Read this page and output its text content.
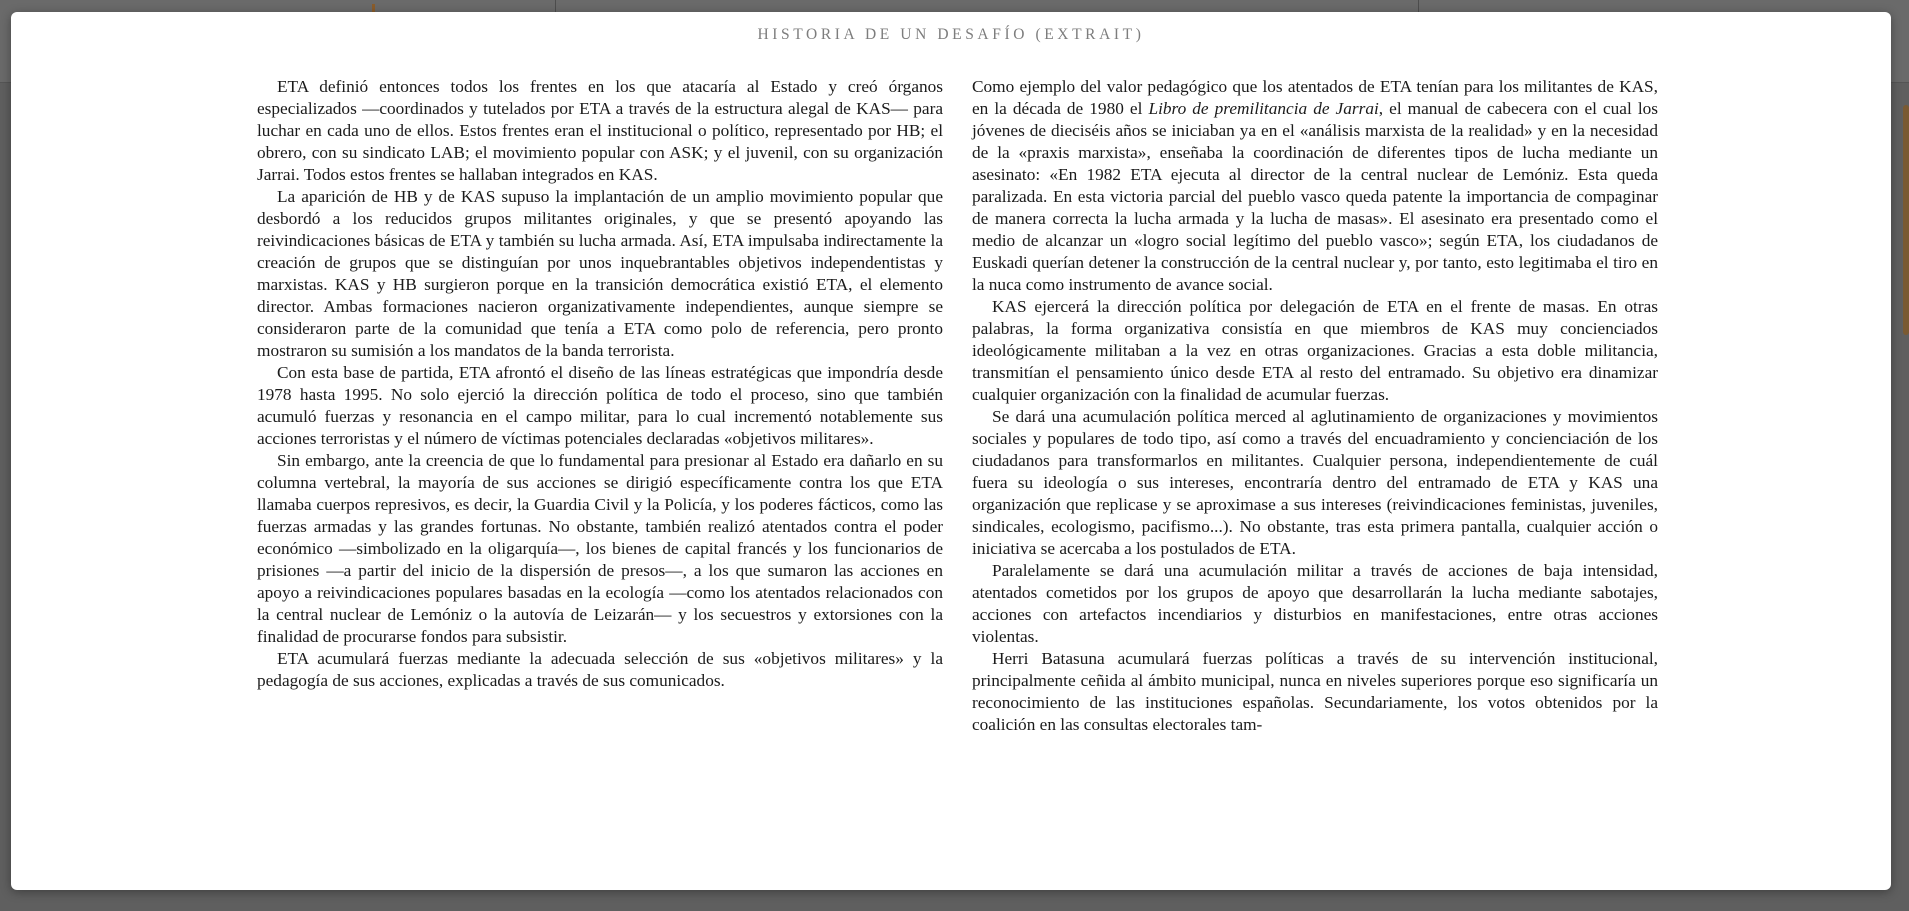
HISTORIA DE UN DESAFÍO (EXTRAIT)

ETA definió entonces todos los frentes en los que atacaría al Estado y creó órganos especializados —coordinados y tutelados por ETA a través de la estructura alegal de KAS— para luchar en cada uno de ellos. Estos frentes eran el institucional o político, representado por HB; el obrero, con su sindicato LAB; el movimiento popular con ASK; y el juvenil, con su organización Jarrai. Todos estos frentes se hallaban integrados en KAS.

La aparición de HB y de KAS supuso la implantación de un amplio movimiento popular que desbordó a los reducidos grupos militantes originales, y que se presentó apoyando las reivindicaciones básicas de ETA y también su lucha armada. Así, ETA impulsaba indirectamente la creación de grupos que se distinguían por unos inquebrantables objetivos independentistas y marxistas. KAS y HB surgieron porque en la transición democrática existió ETA, el elemento director. Ambas formaciones nacieron organizativamente independientes, aunque siempre se consideraron parte de la comunidad que tenía a ETA como polo de referencia, pero pronto mostraron su sumisión a los mandatos de la banda terrorista.

Con esta base de partida, ETA afrontó el diseño de las líneas estratégicas que impondría desde 1978 hasta 1995. No solo ejerció la dirección política de todo el proceso, sino que también acumuló fuerzas y resonancia en el campo militar, para lo cual incrementó notablemente sus acciones terroristas y el número de víctimas potenciales declaradas «objetivos militares».

Sin embargo, ante la creencia de que lo fundamental para presionar al Estado era dañarlo en su columna vertebral, la mayoría de sus acciones se dirigió específicamente contra los que ETA llamaba cuerpos represivos, es decir, la Guardia Civil y la Policía, y los poderes fácticos, como las fuerzas armadas y las grandes fortunas. No obstante, también realizó atentados contra el poder económico —simbolizado en la oligarquía—, los bienes de capital francés y los funcionarios de prisiones —a partir del inicio de la dispersión de presos—, a los que sumaron las acciones en apoyo a reivindicaciones populares basadas en la ecología —como los atentados relacionados con la central nuclear de Lemóniz o la autovía de Leizarán— y los secuestros y extorsiones con la finalidad de procurarse fondos para subsistir.

ETA acumulará fuerzas mediante la adecuada selección de sus «objetivos militares» y la pedagogía de sus acciones, explicadas a través de sus comunicados.

Como ejemplo del valor pedagógico que los atentados de ETA tenían para los militantes de KAS, en la década de 1980 el Libro de premilitancia de Jarrai, el manual de cabecera con el cual los jóvenes de dieciséis años se iniciaban ya en el «análisis marxista de la realidad» y en la necesidad de la «praxis marxista», enseñaba la coordinación de diferentes tipos de lucha mediante un asesinato: «En 1982 ETA ejecuta al director de la central nuclear de Lemóniz. Esta queda paralizada. En esta victoria parcial del pueblo vasco queda patente la importancia de compaginar de manera correcta la lucha armada y la lucha de masas». El asesinato era presentado como el medio de alcanzar un «logro social legítimo del pueblo vasco»; según ETA, los ciudadanos de Euskadi querían detener la construcción de la central nuclear y, por tanto, esto legitimaba el tiro en la nuca como instrumento de avance social.

KAS ejercerá la dirección política por delegación de ETA en el frente de masas. En otras palabras, la forma organizativa consistía en que miembros de KAS muy concienciados ideológicamente militaban a la vez en otras organizaciones. Gracias a esta doble militancia, transmitían el pensamiento único desde ETA al resto del entramado. Su objetivo era dinamizar cualquier organización con la finalidad de acumular fuerzas.

Se dará una acumulación política merced al aglutinamiento de organizaciones y movimientos sociales y populares de todo tipo, así como a través del encuadramiento y concienciación de los ciudadanos para transformarlos en militantes. Cualquier persona, independientemente de cuál fuera su ideología o sus intereses, encontraría dentro del entramado de ETA y KAS una organización que replicase y se aproximase a sus intereses (reivindicaciones feministas, juveniles, sindicales, ecologismo, pacifismo...). No obstante, tras esta primera pantalla, cualquier acción o iniciativa se acercaba a los postulados de ETA.

Paralelamente se dará una acumulación militar a través de acciones de baja intensidad, atentados cometidos por los grupos de apoyo que desarrollarán la lucha mediante sabotajes, acciones con artefactos incendiarios y disturbios en manifestaciones, entre otras acciones violentas.

Herri Batasuna acumulará fuerzas políticas a través de su intervención institucional, principalmente ceñida al ámbito municipal, nunca en niveles superiores porque eso significaría un reconocimiento de las instituciones españolas. Secundariamente, los votos obtenidos por la coalición en las consultas electorales tam-
